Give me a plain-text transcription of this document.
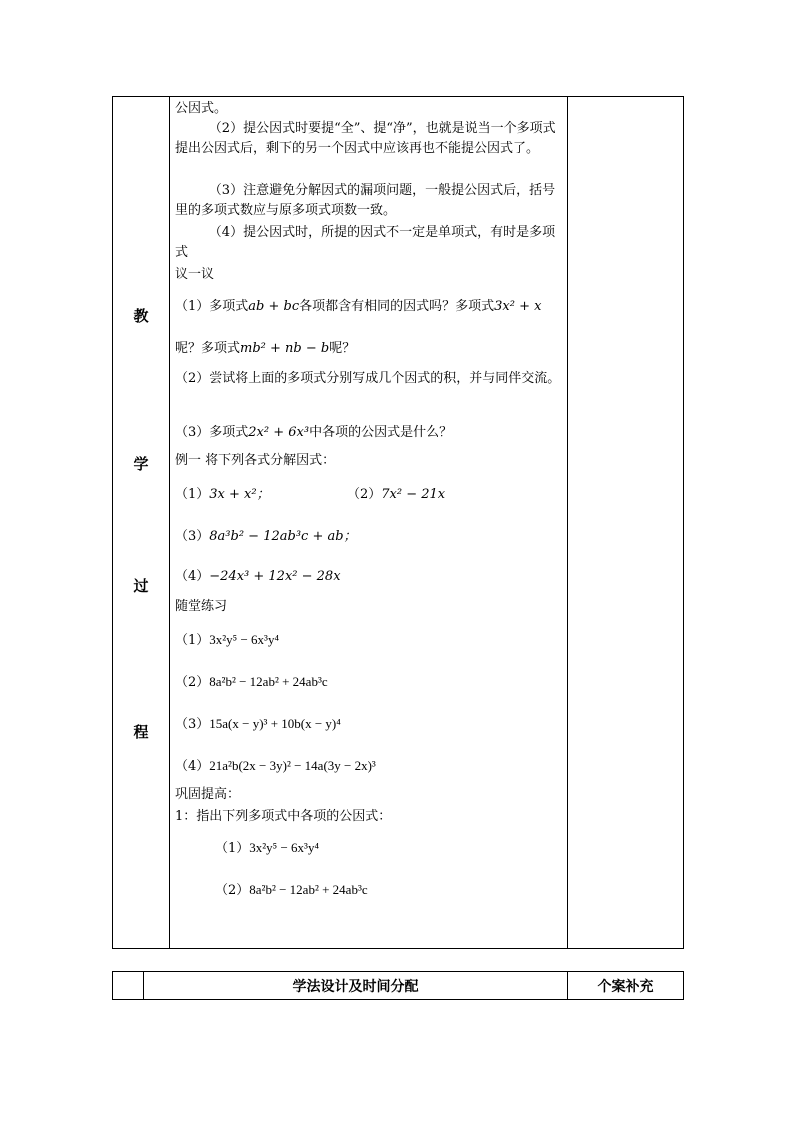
教
学
过
程
公因式。
（2）提公因式时要提“全”、提“净”，也就是说当一个多项式提出公因式后，剩下的另一个因式中应该再也不能提公因式了。
（3）注意避免分解因式的漏项问题，一般提公因式后，括号里的多项式数应与原多项式项数一致。
（4）提公因式时，所提的因式不一定是单项式，有时是多项式
议一议
（1）多项式ab + bc各项都含有相同的因式吗？多项式3x² + x
呢？多项式mb² + nb − b呢？
（2）尝试将上面的多项式分别写成几个因式的积，并与同伴交流。
（3）多项式2x² + 6x³中各项的公因式是什么？
例一 将下列各式分解因式：
（1）3x + x²；	（2）7x² − 21x
（3）8a³b² − 12ab³c + ab；
（4）−24x³ + 12x² − 28x
随堂练习
（1）3x²y⁵ − 6x³y⁴
（2）8a²b² − 12ab² + 24ab³c
（3）15a(x − y)³ + 10b(x − y)⁴
（4）21a²b(2x − 3y)² − 14a(3y − 2x)³
巩固提高：
1：指出下列多项式中各项的公因式：
（1）3x²y⁵ − 6x³y⁴
（2）8a²b² − 12ab² + 24ab³c
学法设计及时间分配	个案补充
